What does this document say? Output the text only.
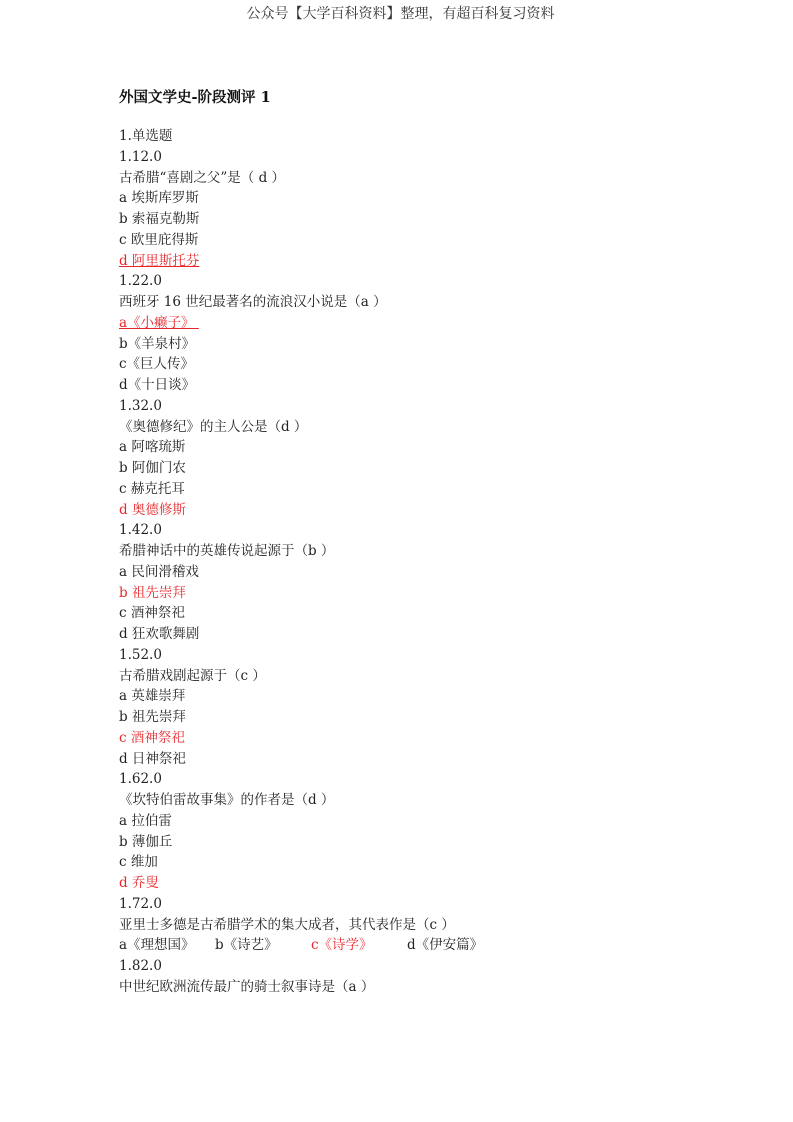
公众号【大学百科资料】整理，有超百科复习资料
外国文学史-阶段测评 1
1.单选题
1.12.0
古希腊“喜剧之父”是（ d ）
a 埃斯库罗斯
b 索福克勒斯
c 欧里庇得斯
d 阿里斯托芬
1.22.0
西班牙 16 世纪最著名的流浪汉小说是（a ）
a《小癞子》
b《羊泉村》
c《巨人传》
d《十日谈》
1.32.0
《奥德修纪》的主人公是（d ）
a 阿喀琉斯
b 阿伽门农
c 赫克托耳
d 奥德修斯
1.42.0
希腊神话中的英雄传说起源于（b ）
a 民间滑稽戏
b 祖先崇拜
c 酒神祭祀
d 狂欢歌舞剧
1.52.0
古希腊戏剧起源于（c ）
a 英雄崇拜
b 祖先崇拜
c 酒神祭祀
d 日神祭祀
1.62.0
《坎特伯雷故事集》的作者是（d ）
a 拉伯雷
b 薄伽丘
c 维加
d 乔叟
1.72.0
亚里士多德是古希腊学术的集大成者，其代表作是（c ）
a《理想国》 b《诗艺》 c《诗学》	d《伊安篇》
1.82.0
中世纪欧洲流传最广的骑士叙事诗是（a ）
